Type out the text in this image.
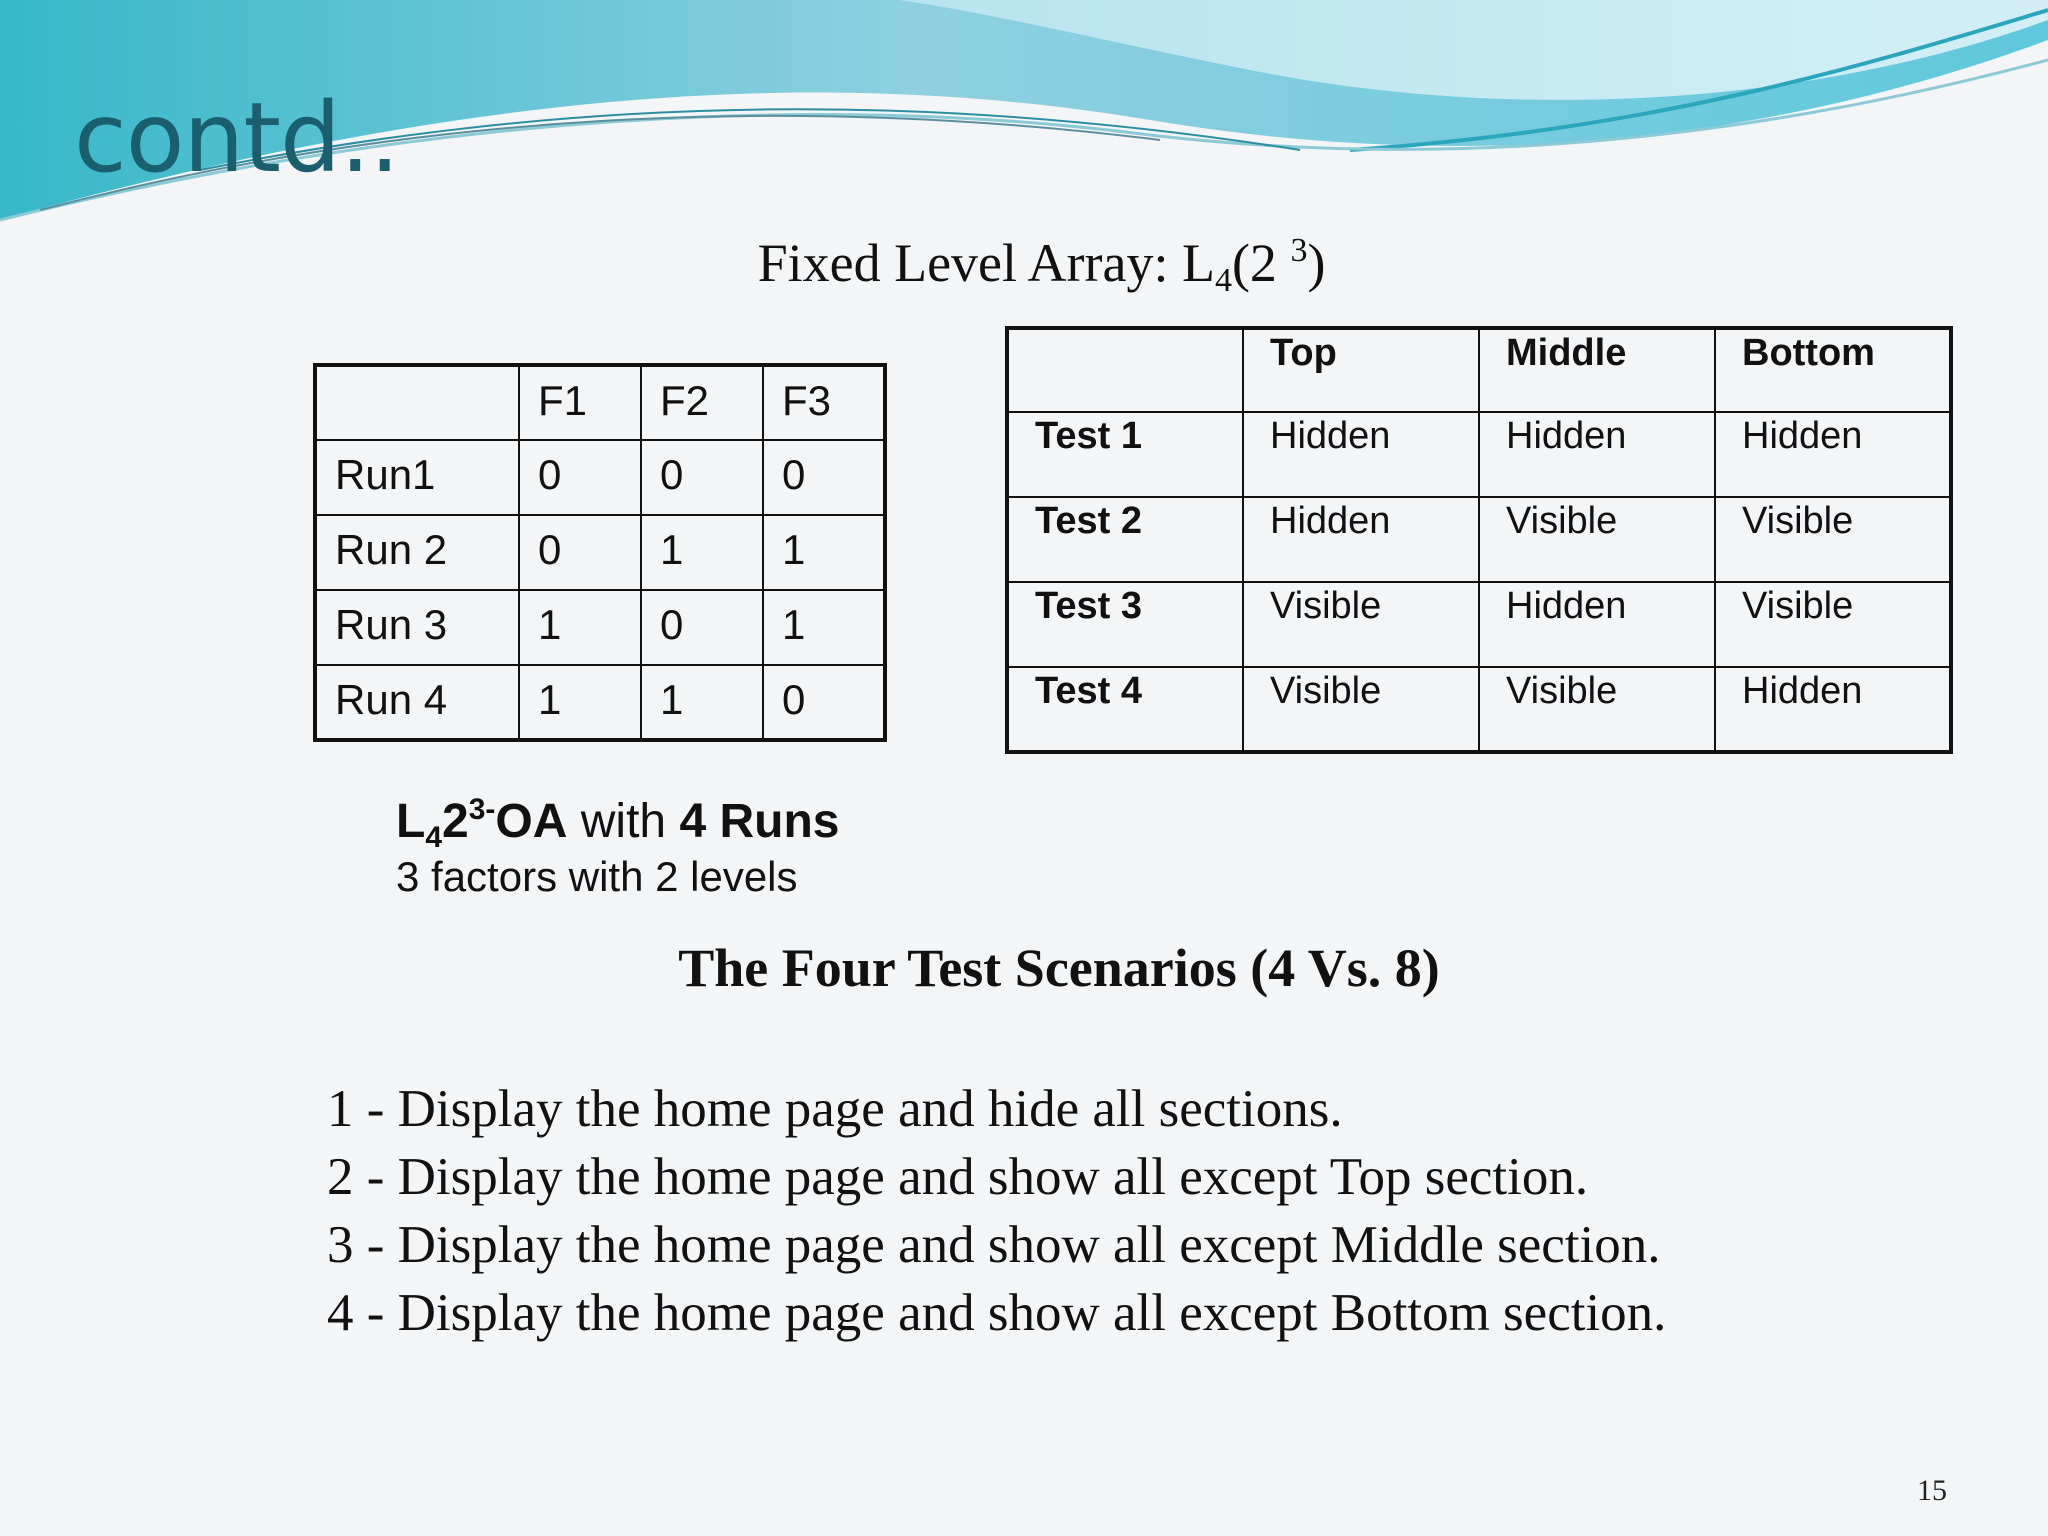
contd..
Fixed Level Array: $L_4(2$ $^3$)
	F1	F2	F3
Run1	0	0	0
Run 2	0	1	1
Run 3	1	0	1
Run 4	1	1	0
	Top	Middle	Bottom
Test 1	Hidden	Hidden	Hidden
Test 2	Hidden	Visible	Visible
Test 3	Visible	Hidden	Visible
Test 4	Visible	Visible	Hidden
$L_42^{3-}OA$ with 4 Runs
3 factors with 2 levels
The Four Test Scenarios (4 Vs. 8)
1 - Display the home page and hide all sections.
2 - Display the home page and show all except Top section.
3 - Display the home page and show all except Middle section.
4 - Display the home page and show all except Bottom section.
15
